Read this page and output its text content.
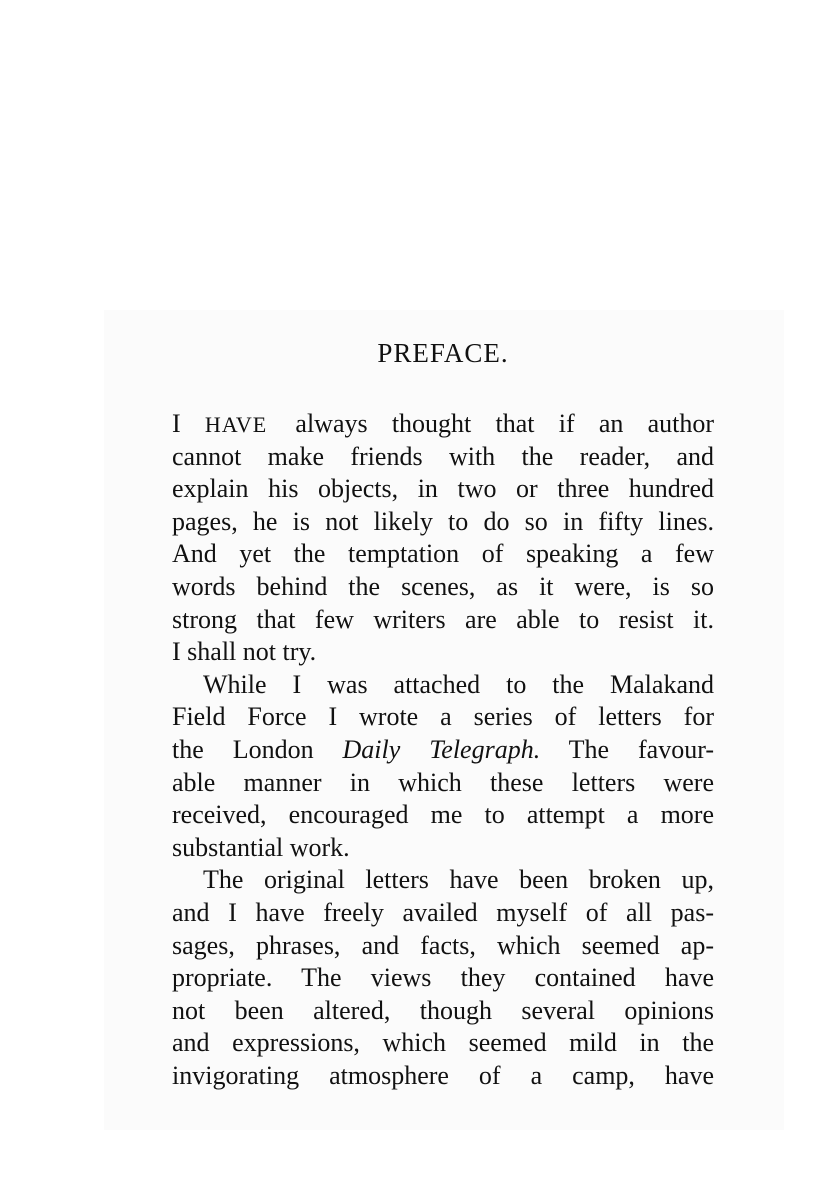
PREFACE.
I HAVE always thought that if an author
cannot make friends with the reader, and
explain his objects, in two or three hundred
pages, he is not likely to do so in fifty lines.
And yet the temptation of speaking a few
words behind the scenes, as it were, is so
strong that few writers are able to resist it.
I shall not try.
While I was attached to the Malakand
Field Force I wrote a series of letters for
the London Daily Telegraph. The favour-
able manner in which these letters were
received, encouraged me to attempt a more
substantial work.
The original letters have been broken up,
and I have freely availed myself of all pas-
sages, phrases, and facts, which seemed ap-
propriate. The views they contained have
not been altered, though several opinions
and expressions, which seemed mild in the
invigorating atmosphere of a camp, have
